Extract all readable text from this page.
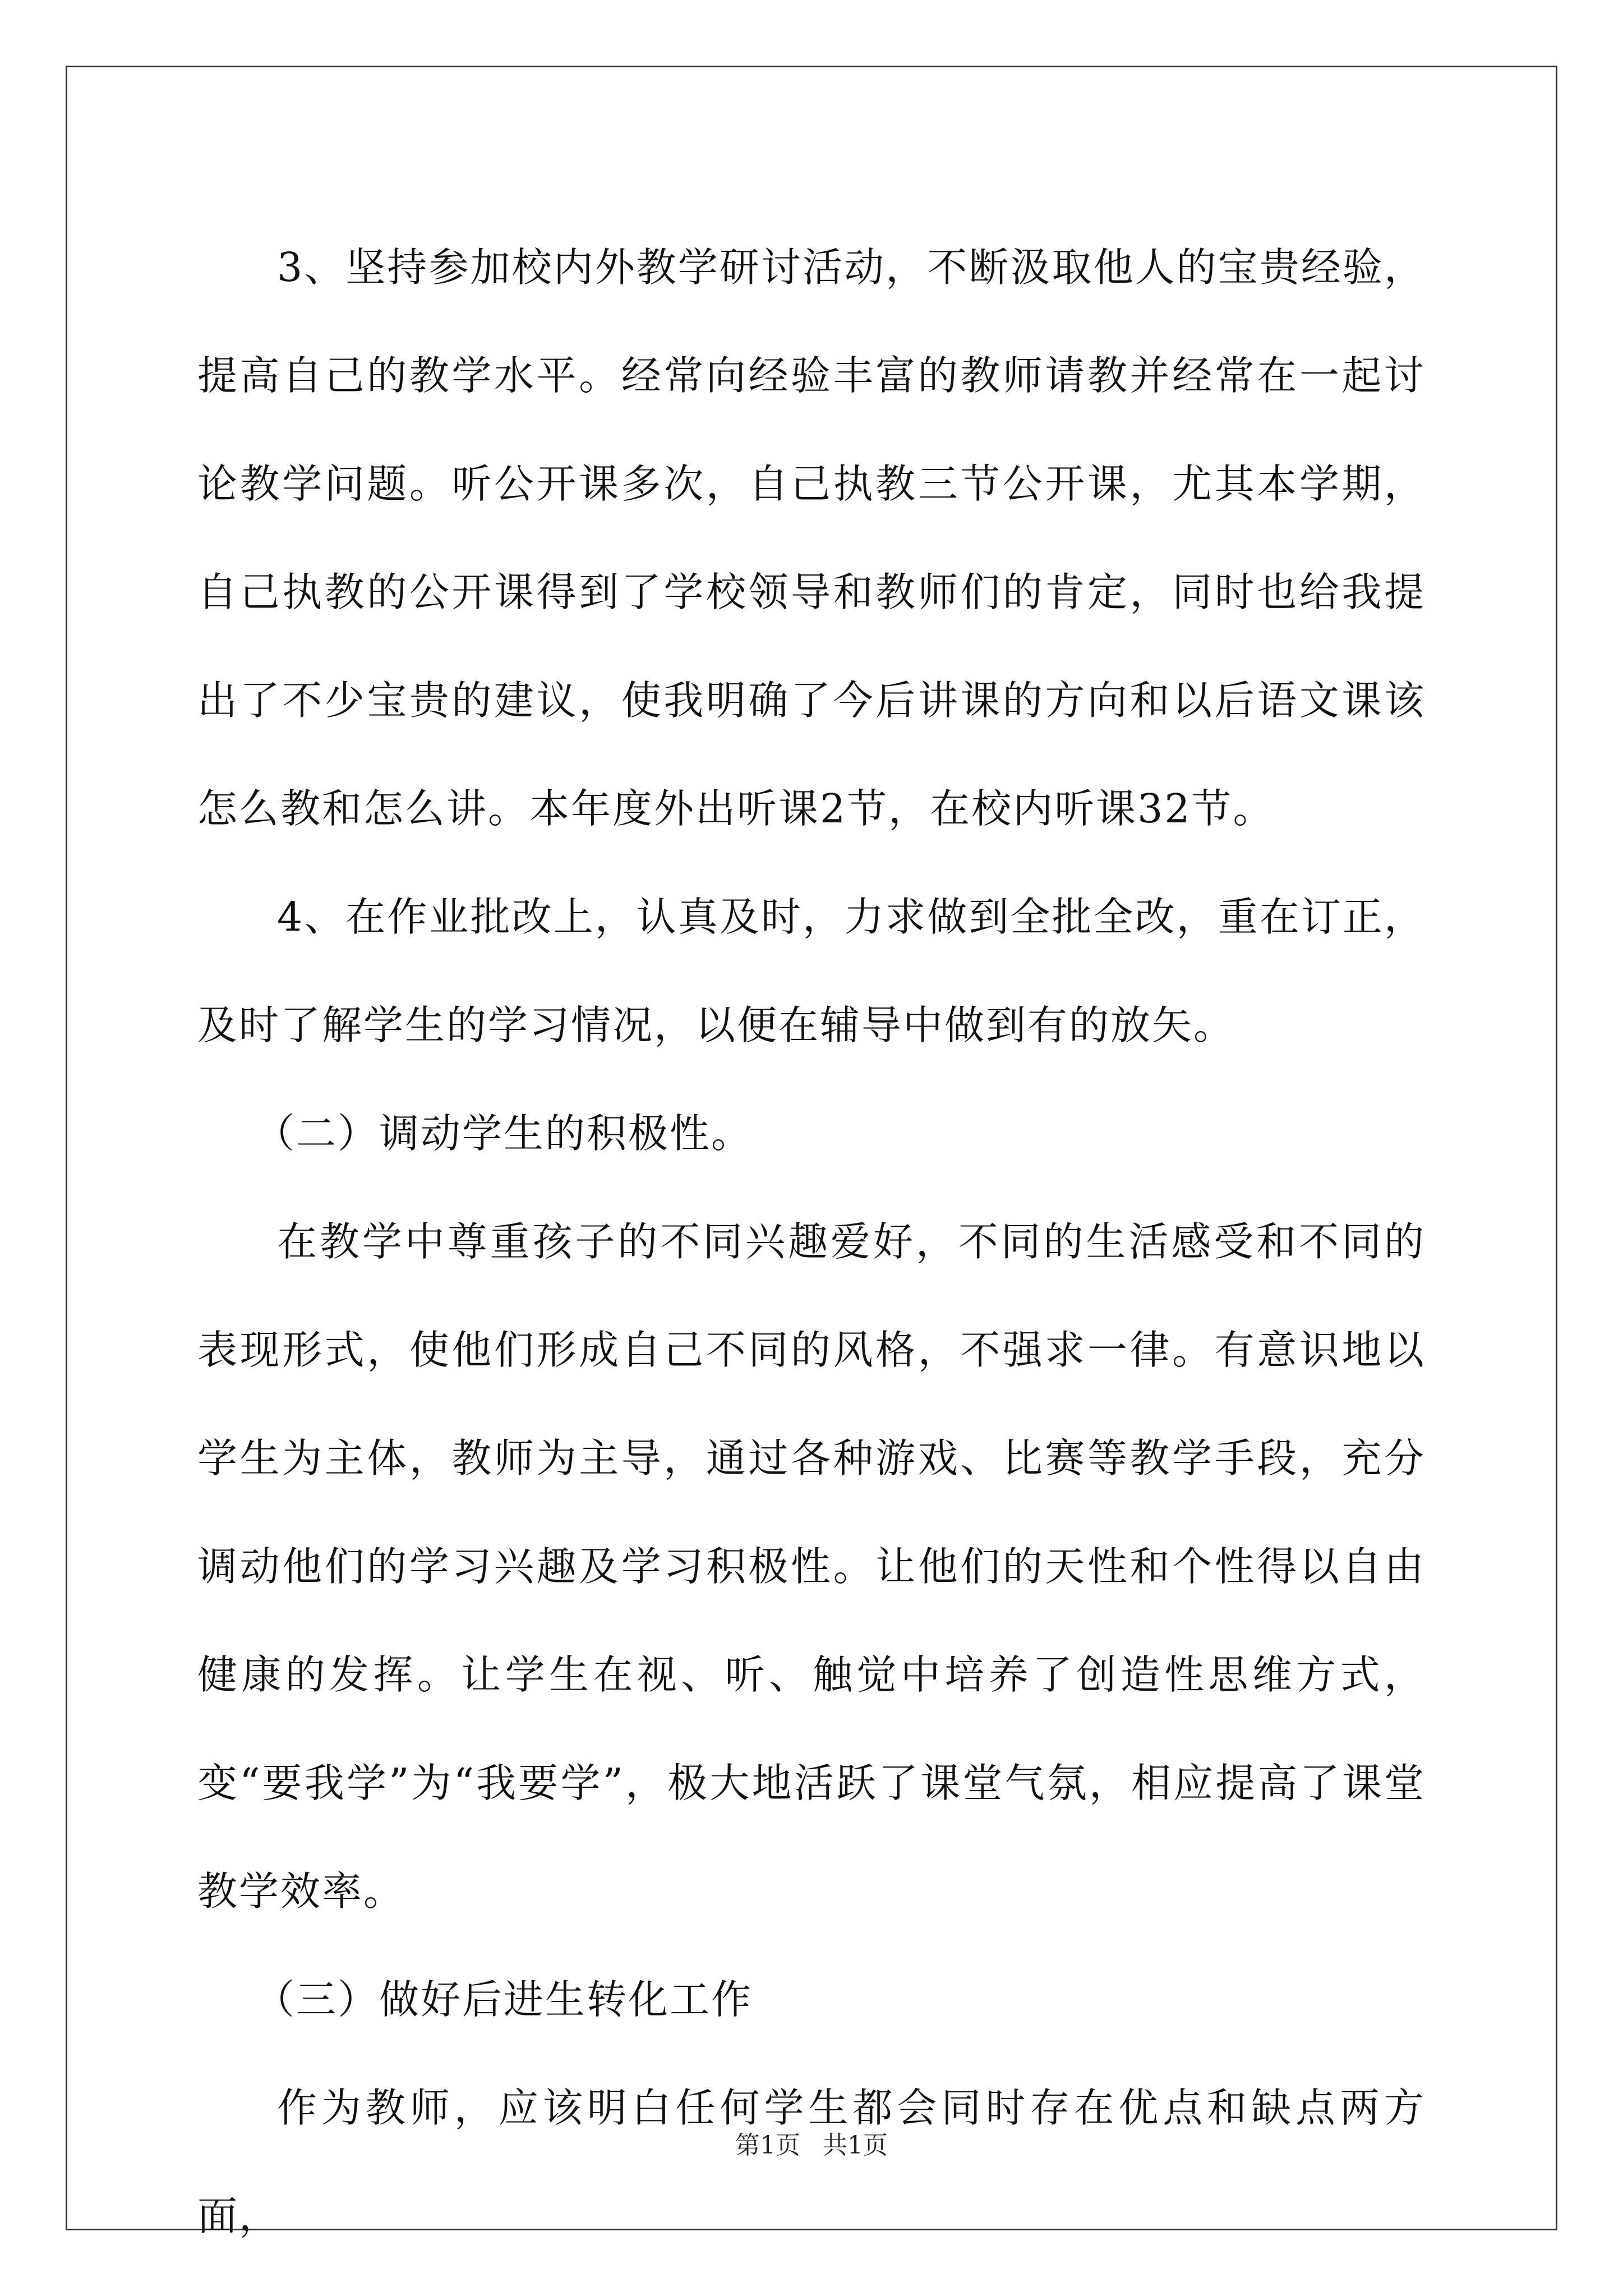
3、坚持参加校内外教学研讨活动，不断汲取他人的宝贵经验，提高自己的教学水平。经常向经验丰富的教师请教并经常在一起讨论教学问题。听公开课多次，自己执教三节公开课，尤其本学期，自己执教的公开课得到了学校领导和教师们的肯定，同时也给我提出了不少宝贵的建议，使我明确了今后讲课的方向和以后语文课该怎么教和怎么讲。本年度外出听课2节，在校内听课32节。

4、在作业批改上，认真及时，力求做到全批全改，重在订正，及时了解学生的学习情况，以便在辅导中做到有的放矢。

（二）调动学生的积极性。

在教学中尊重孩子的不同兴趣爱好，不同的生活感受和不同的表现形式，使他们形成自己不同的风格，不强求一律。有意识地以学生为主体，教师为主导，通过各种游戏、比赛等教学手段，充分调动他们的学习兴趣及学习积极性。让他们的天性和个性得以自由健康的发挥。让学生在视、听、触觉中培养了创造性思维方式，变“要我学”为“我要学”，极大地活跃了课堂气氛，相应提高了课堂教学效率。

（三）做好后进生转化工作

作为教师，应该明白任何学生都会同时存在优点和缺点两方面，

第1页 共1页
